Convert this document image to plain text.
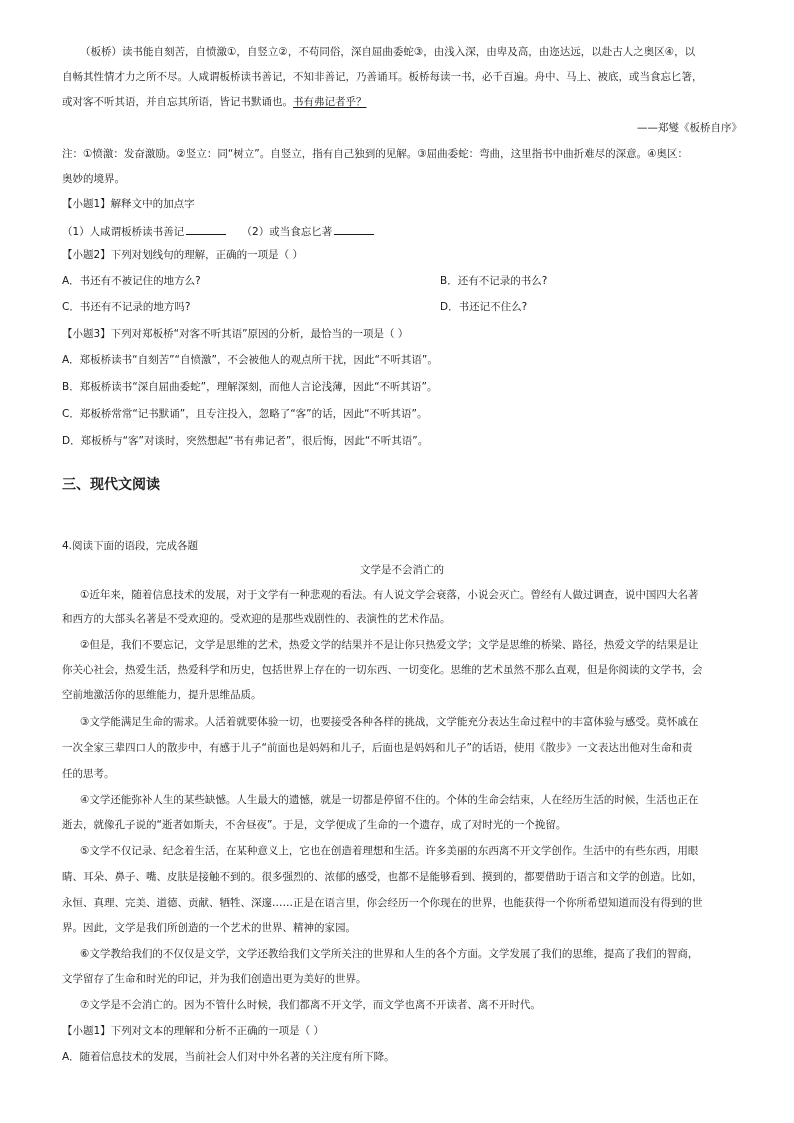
（板桥）读书能自刻苦，自愤激①，自竖立②，不苟同俗，深自屈曲委蛇③，由浅入深，由卑及高，由迩达远，以赴古人之奥区④，以
自畅其性情才力之所不尽。人咸谓板桥读书善记，不知非善记，乃善诵耳。板桥每读一书，必千百遍。舟中、马上、被底，或当食忘匕箸，
或对客不听其语，并自忘其所语，皆记书默诵也。书有弗记者乎？
——郑燮《板桥自序》
注：①愤激：发奋激励。②竖立：同“树立”。自竖立，指有自己独到的见解。③屈曲委蛇：弯曲，这里指书中曲折难尽的深意。④奥区：
奥妙的境界。
【小题1】解释文中的加点字
（1）人咸谓板桥读书善记	（2）或当食忘匕著
【小题2】下列对划线句的理解，正确的一项是（ ）
A．书还有不被记住的地方么?	B．还有不记录的书么?
C．书还有不记录的地方吗?	D．书还记不住么?
【小题3】下列对郑板桥“对客不听其语”原因的分析，最恰当的一项是（ ）
A．郑板桥读书“自刻苦”“自愤激”，不会被他人的观点所干扰，因此“不听其语”。
B．郑板桥读书“深自屈曲委蛇”，理解深刻，而他人言论浅薄，因此“不听其语”。
C．郑板桥常常“记书默诵”，且专注投入，忽略了“客”的话，因此“不听其语”。
D．郑板桥与“客”对谈时，突然想起“书有弗记者”，很后悔，因此“不听其语”。
三、现代文阅读
4.阅读下面的语段，完成各题
文学是不会消亡的
①近年来，随着信息技术的发展，对于文学有一种悲观的看法。有人说文学会衰落，小说会灭亡。曾经有人做过调查，说中国四大名著
和西方的大部头名著是不受欢迎的。受欢迎的是那些戏剧性的、表演性的艺术作品。
②但是，我们不要忘记，文学是思维的艺术，热爱文学的结果并不是让你只热爱文学；文学是思维的桥梁、路径，热爱文学的结果是让
你关心社会，热爱生活，热爱科学和历史，包括世界上存在的一切东西、一切变化。思维的艺术虽然不那么直观，但是你阅读的文学书，会
空前地激活你的思维能力，提升思维品质。
③文学能满足生命的需求。人活着就要体验一切，也要接受各种各样的挑战，文学能充分表达生命过程中的丰富体验与感受。莫怀戚在
一次全家三辈四口人的散步中，有感于儿子“前面也是妈妈和儿子，后面也是妈妈和儿子”的话语，使用《散步》一文表达出他对生命和责
任的思考。
④文学还能弥补人生的某些缺憾。人生最大的遗憾，就是一切都是停留不住的。个体的生命会结束，人在经历生活的时候，生活也正在
逝去，就像孔子说的“逝者如斯夫，不舍昼夜”。于是，文学便成了生命的一个遗存，成了对时光的一个挽留。
⑤文学不仅记录、纪念着生活，在某种意义上，它也在创造着理想和生活。许多美丽的东西离不开文学创作。生活中的有些东西，用眼
睛、耳朵、鼻子、嘴、皮肤是接触不到的。很多强烈的、浓郁的感受，也都不是能够看到、摸到的，都要借助于语言和文学的创造。比如，
永恒、真理、完美、道德、贡献、牺牲、深邃……正是在语言里，你会经历一个你现在的世界，也能获得一个你所希望知道而没有得到的世
界。因此，文学是我们所创造的一个艺术的世界、精神的家园。
⑥文学教给我们的不仅仅是文学，文学还教给我们文学所关注的世界和人生的各个方面。文学发展了我们的思维，提高了我们的智商，
文学留存了生命和时光的印记，并为我们创造出更为美好的世界。
⑦文学是不会消亡的。因为不管什么时候，我们都离不开文学，而文学也离不开读者、离不开时代。
【小题1】下列对文本的理解和分析不正确的一项是（ ）
A．随着信息技术的发展，当前社会人们对中外名著的关注度有所下降。
